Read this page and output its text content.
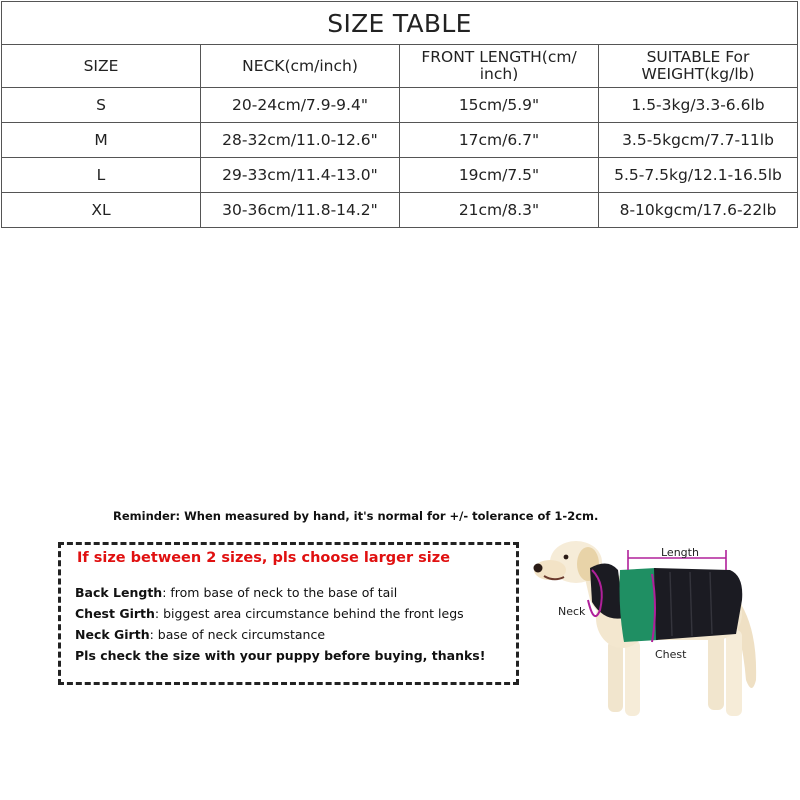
SIZE TABLE			
SIZE	NECK(cm/inch)	FRONT LENGTH(cm/ inch)	SUITABLE For WEIGHT(kg/lb)
S	20-24cm/7.9-9.4"	15cm/5.9"	1.5-3kg/3.3-6.6lb
M	28-32cm/11.0-12.6"	17cm/6.7"	3.5-5kgcm/7.7-11lb
L	29-33cm/11.4-13.0"	19cm/7.5"	5.5-7.5kg/12.1-16.5lb
XL	30-36cm/11.8-14.2"	21cm/8.3"	8-10kgcm/17.6-22lb
Reminder: When measured by hand, it's normal for +/- tolerance of 1-2cm.
If size between 2 sizes, pls choose larger size
Back Length: from base of neck to the base of tail
Chest Girth: biggest area circumstance behind the front legs
Neck Girth: base of neck circumstance
Pls check the size with your puppy before buying, thanks!
Length
Neck
Chest
